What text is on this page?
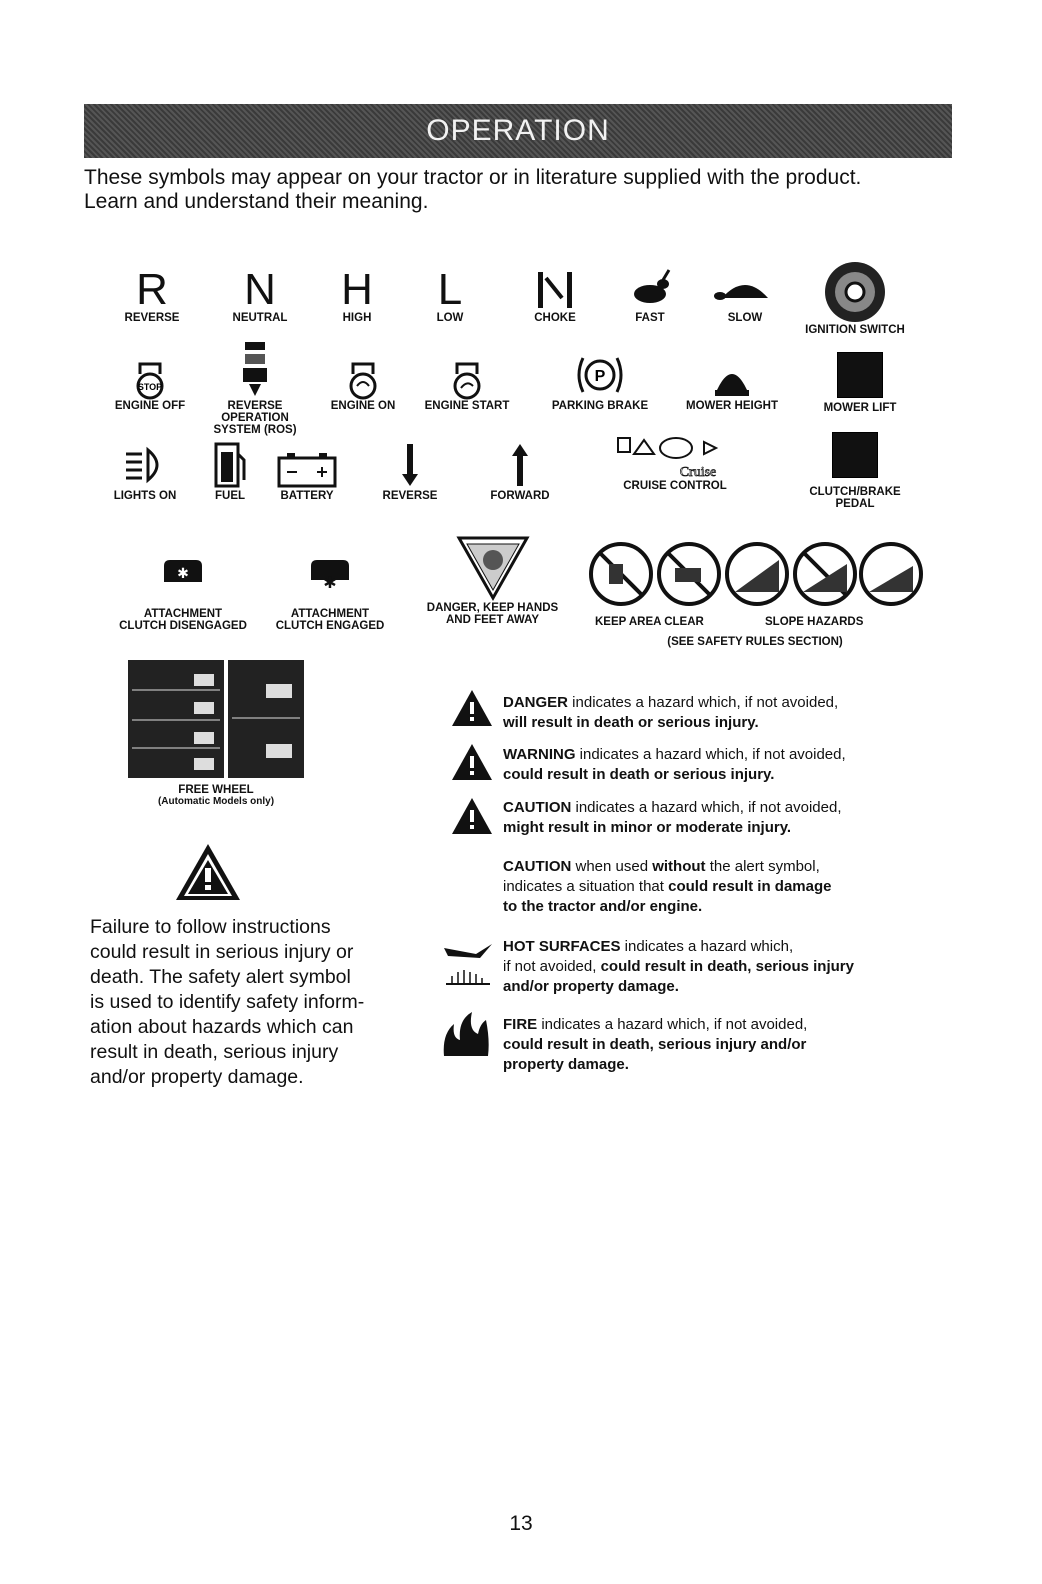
OPERATION
These symbols may appear on your tractor or in literature supplied with the product.
Learn and understand their meaning.
R
REVERSE
N
NEUTRAL
H
HIGH
L
LOW	CHOKE	FAST	SLOW
IGNITION SWITCH
STOP
ENGINE OFF	REVERSE
OPERATION
SYSTEM (ROS)
ENGINE ON	ENGINE START
P
PARKING BRAKE	MOWER HEIGHT	MOWER LIFT
LIGHTS ON	FUEL	BATTERY	REVERSE	FORWARD
Cruise
CRUISE CONTROL	CLUTCH/BRAKE
PEDAL
✱
ATTACHMENT
CLUTCH DISENGAGED
✱
ATTACHMENT
CLUTCH ENGAGED
DANGER, KEEP HANDS
AND FEET AWAY	KEEP AREA CLEAR	SLOPE HAZARDS
(SEE SAFETY RULES SECTION)
FREE WHEEL
(Automatic Models only)
Failure to follow instructions
could result in serious injury or
death. The safety alert symbol
is used to identify safety inform-
ation about hazards which can
result in death, serious injury
and/or property damage.
DANGER indicates a hazard which, if not avoided,
will result in death or serious injury.
WARNING indicates a hazard which, if not avoided,
could result in death or serious injury.
CAUTION indicates a hazard which, if not avoided,
might result in minor or moderate injury.
CAUTION when used without the alert symbol,
indicates a situation that could result in damage
to the tractor and/or engine.
HOT SURFACES indicates a hazard which,
if not avoided, could result in death, serious injury
and/or property damage.
FIRE indicates a hazard which, if not avoided,
could result in death, serious injury and/or
property damage.
13
